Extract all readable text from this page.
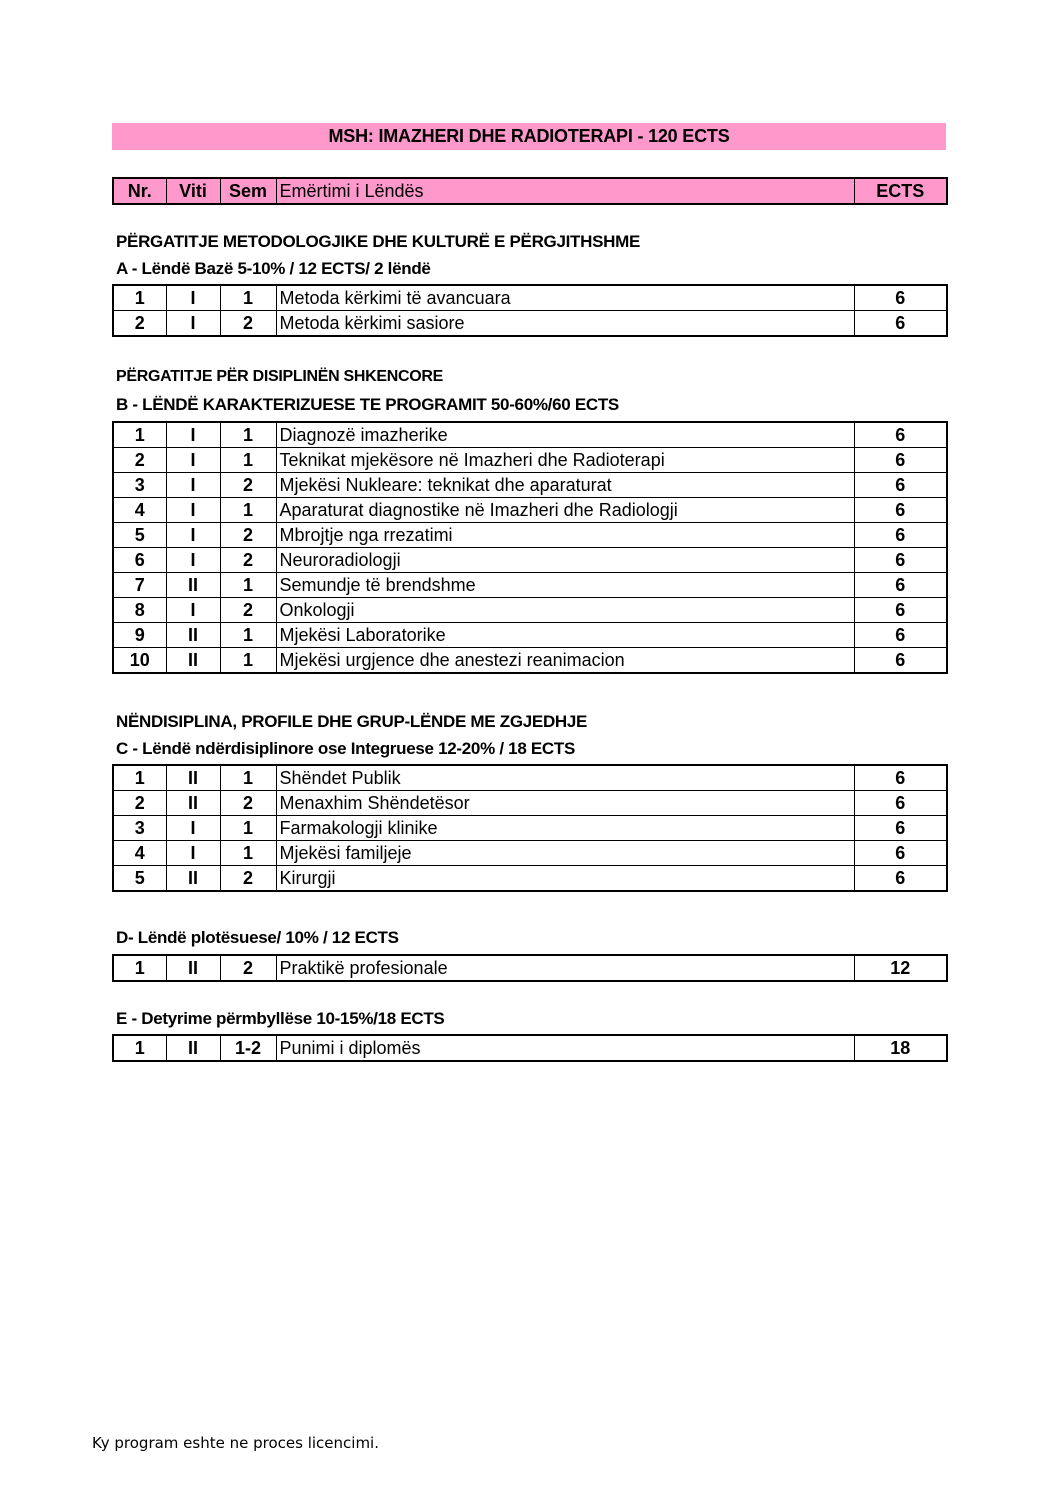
MSH: IMAZHERI DHE RADIOTERAPI - 120 ECTS
Nr.	Viti	Sem	Emërtimi i Lëndës	ECTS
PËRGATITJE METODOLOGJIKE DHE KULTURË E PËRGJITHSHME
A - Lëndë Bazë 5-10% / 12 ECTS/ 2 lëndë
1	I	1	Metoda kërkimi të avancuara	6
2	I	2	Metoda kërkimi sasiore	6
PËRGATITJE PËR DISIPLINËN SHKENCORE
B - LËNDË KARAKTERIZUESE TE PROGRAMIT 50-60%/60 ECTS
1	I	1	Diagnozë imazherike	6
2	I	1	Teknikat mjekësore në Imazheri dhe Radioterapi	6
3	I	2	Mjekësi Nukleare: teknikat dhe aparaturat	6
4	I	1	Aparaturat diagnostike në Imazheri dhe Radiologji	6
5	I	2	Mbrojtje nga rrezatimi	6
6	I	2	Neuroradiologji	6
7	II	1	Semundje të brendshme	6
8	I	2	Onkologji	6
9	II	1	Mjekësi Laboratorike	6
10	II	1	Mjekësi urgjence dhe anestezi reanimacion	6
NËNDISIPLINA, PROFILE DHE GRUP-LËNDE ME ZGJEDHJE
C - Lëndë ndërdisiplinore ose Integruese 12-20% / 18 ECTS
1	II	1	Shëndet Publik	6
2	II	2	Menaxhim Shëndetësor	6
3	I	1	Farmakologji klinike	6
4	I	1	Mjekësi familjeje	6
5	II	2	Kirurgji	6
D- Lëndë plotësuese/ 10% / 12 ECTS
1	II	2	Praktikë profesionale	12
E - Detyrime përmbyllëse 10-15%/18 ECTS
1	II	1-2	Punimi i diplomës	18
Ky program eshte ne proces licencimi.
